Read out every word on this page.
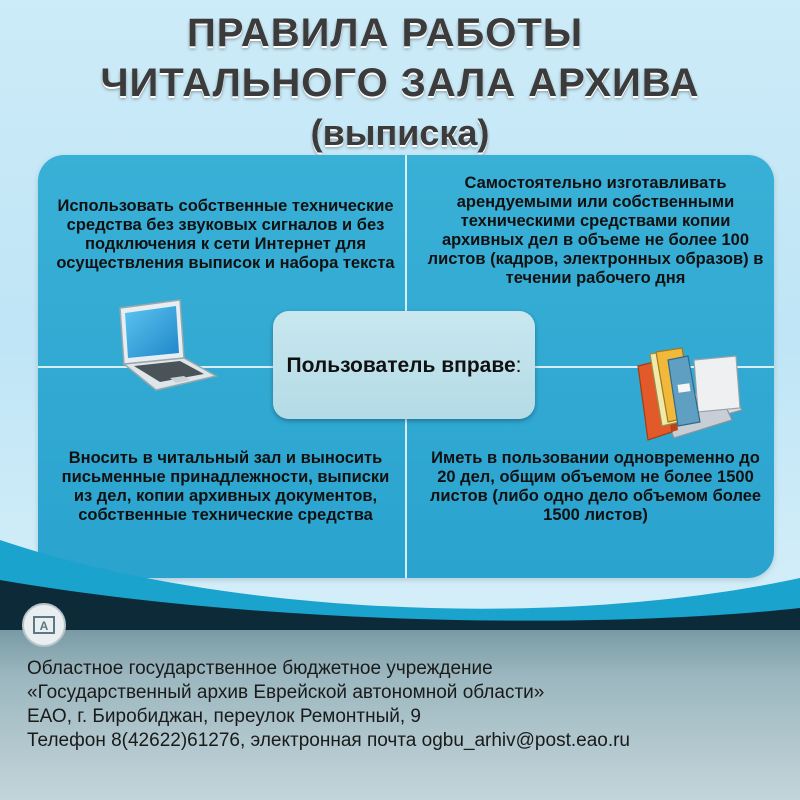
ПРАВИЛА РАБОТЫ
ЧИТАЛЬНОГО ЗАЛА АРХИВА
(выписка)
Использовать собственные технические средства без звуковых сигналов и без подключения к сети Интернет для осуществления выписок и набора текста
Самостоятельно изготавливать арендуемыми или собственными техническими средствами копии архивных дел в объеме не более 100 листов (кадров, электронных образов) в течении рабочего дня
Вносить в читальный зал и выносить письменные принадлежности, выписки из дел, копии архивных документов, собственные технические средства
Иметь в пользовании одновременно до 20 дел, общим объемом не более 1500 листов (либо одно дело объемом более 1500 листов)
Пользователь вправе:
А
Областное государственное бюджетное учреждение
«Государственный архив Еврейской автономной области»
ЕАО, г. Биробиджан, переулок Ремонтный, 9
Телефон 8(42622)61276, электронная почта ogbu_arhiv@post.eao.ru
